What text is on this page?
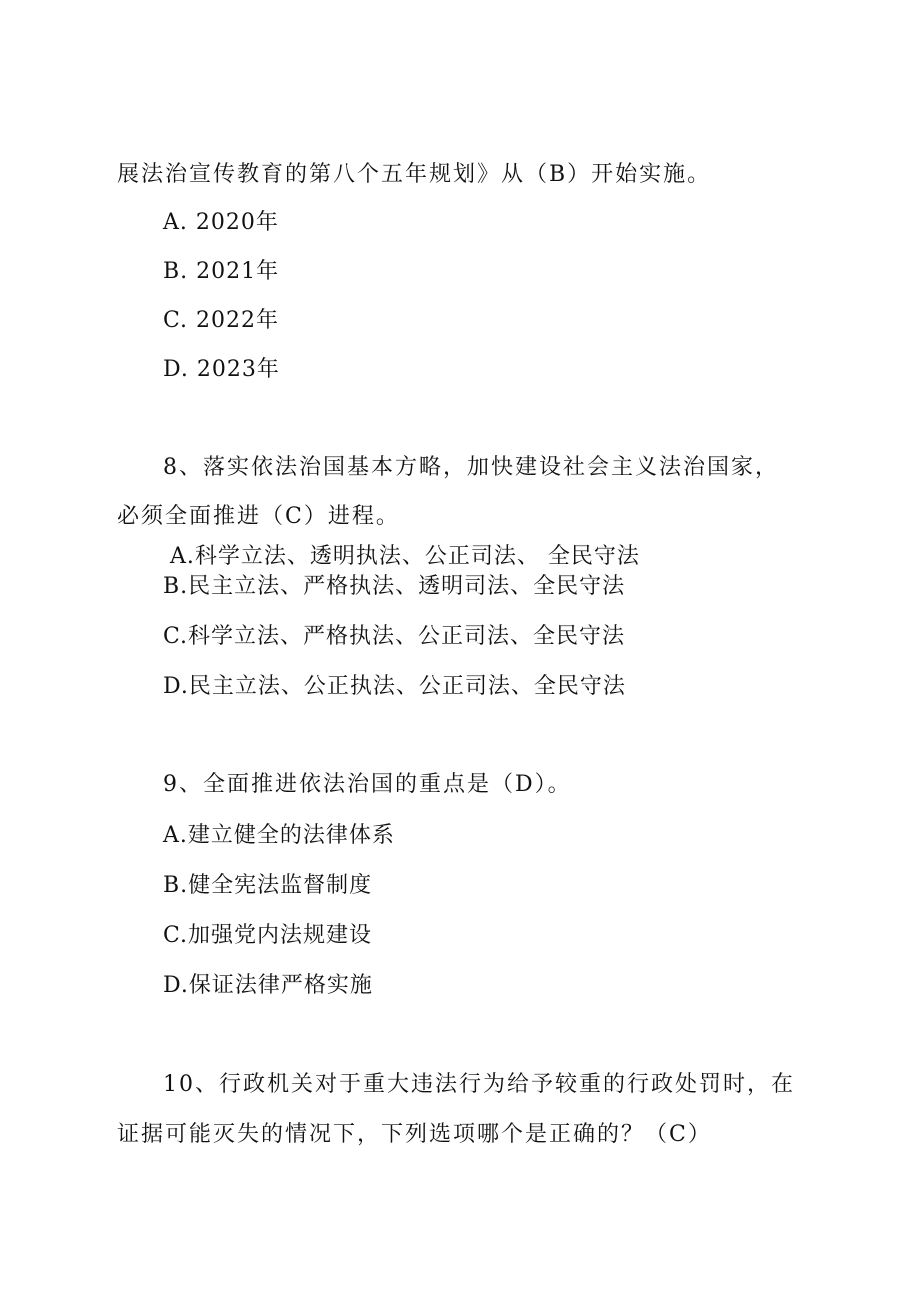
展法治宣传教育的第八个五年规划》从（B）开始实施。
A. 2020年
B. 2021年
C. 2022年
D. 2023年
8、落实依法治国基本方略，加快建设社会主义法治国家，
必须全面推进（C）进程。
A.科学立法、透明执法、公正司法、 全民守法
B.民主立法、严格执法、透明司法、全民守法
C.科学立法、严格执法、公正司法、全民守法
D.民主立法、公正执法、公正司法、全民守法
9、全面推进依法治国的重点是（D）。
A.建立健全的法律体系
B.健全宪法监督制度
C.加强党内法规建设
D.保证法律严格实施
10、行政机关对于重大违法行为给予较重的行政处罚时，在
证据可能灭失的情况下，下列选项哪个是正确的？（C）
